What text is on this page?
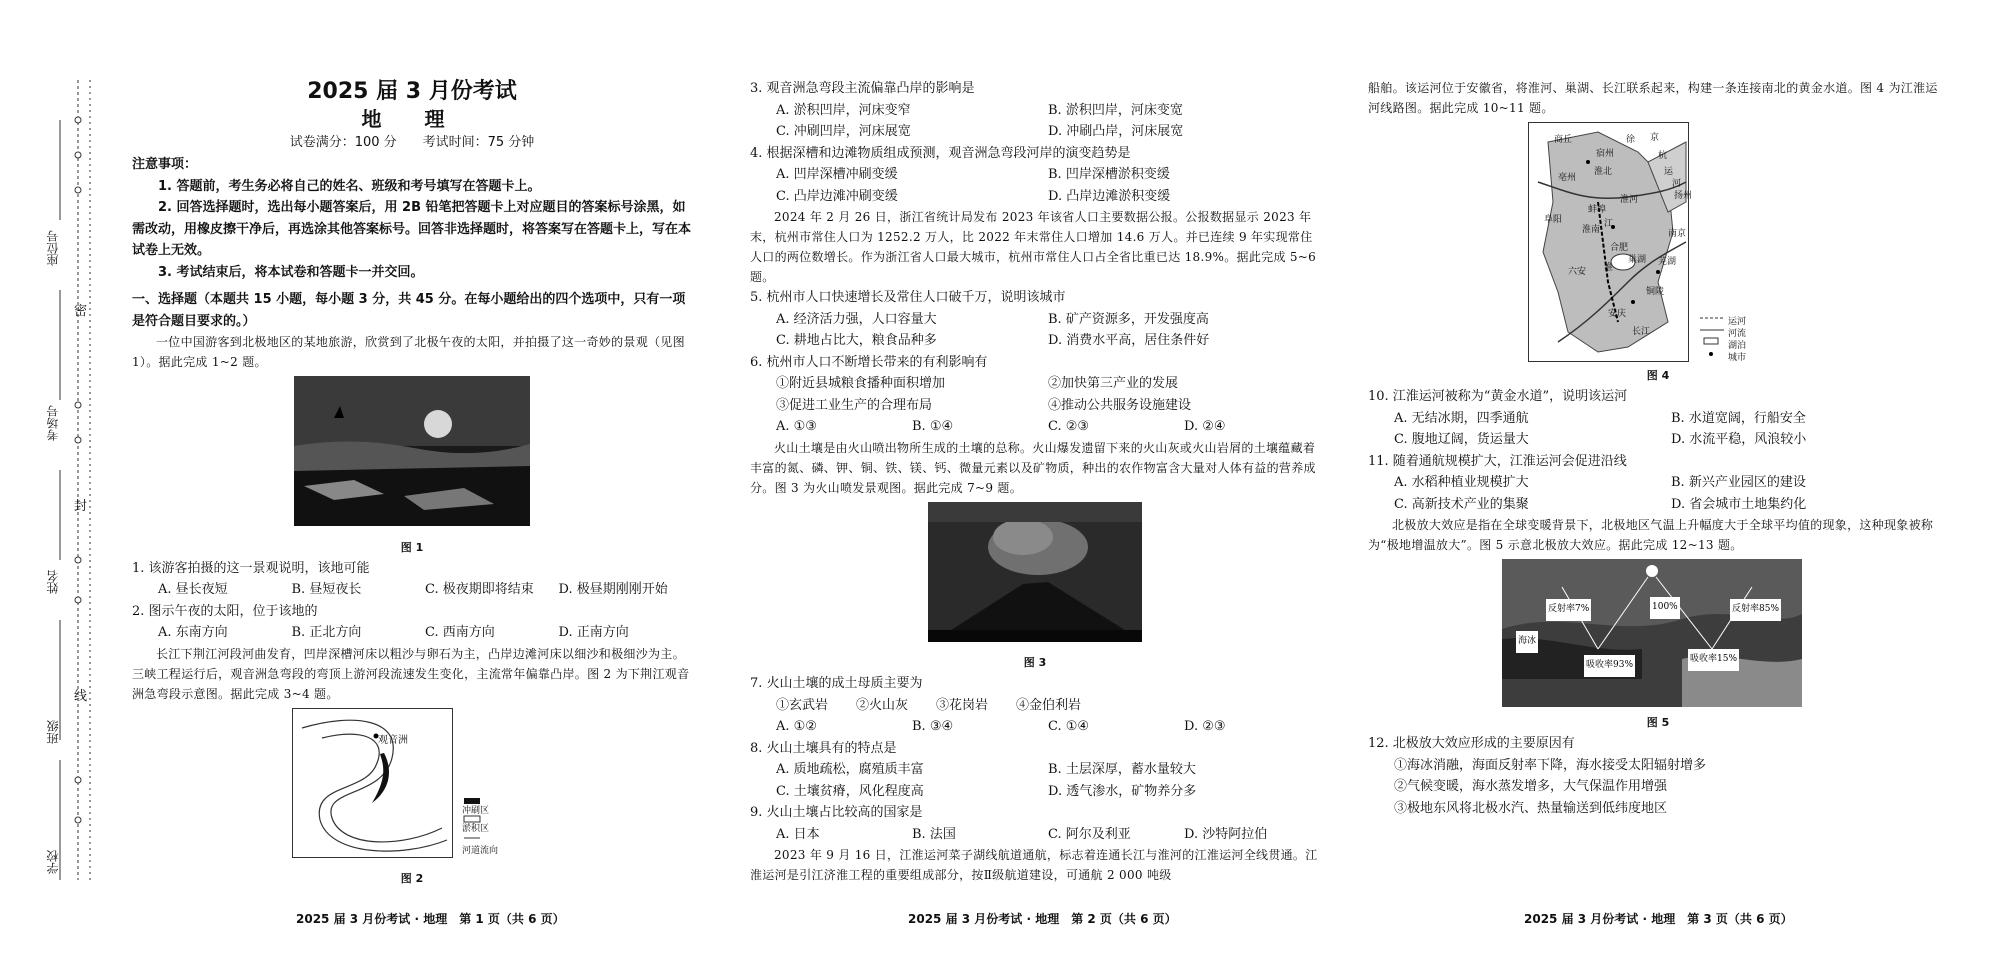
座位号
考场号
姓名
班级
学校
密
封
线
2025 届 3 月份考试
地 理
试卷满分：100 分　　考试时间：75 分钟
注意事项：
1. 答题前，考生务必将自己的姓名、班级和考号填写在答题卡上。
2. 回答选择题时，选出每小题答案后，用 2B 铅笔把答题卡上对应题目的答案标号涂黑，如需改动，用橡皮擦干净后，再选涂其他答案标号。回答非选择题时，将答案写在答题卡上，写在本试卷上无效。
3. 考试结束后，将本试卷和答题卡一并交回。
一、选择题（本题共 15 小题，每小题 3 分，共 45 分。在每小题给出的四个选项中，只有一项是符合题目要求的。）
一位中国游客到北极地区的某地旅游，欣赏到了北极午夜的太阳，并拍摄了这一奇妙的景观（见图 1）。据此完成 1~2 题。
图 1
1. 该游客拍摄的这一景观说明，该地可能
A. 昼长夜短	B. 昼短夜长	C. 极夜期即将结束	D. 极昼期刚刚开始
2. 图示午夜的太阳，位于该地的
A. 东南方向	B. 正北方向	C. 西南方向	D. 正南方向
长江下荆江河段河曲发育，凹岸深槽河床以粗沙与卵石为主，凸岸边滩河床以细沙和极细沙为主。三峡工程运行后，观音洲急弯段的弯顶上游河段流速发生变化，主流常年偏靠凸岸。图 2 为下荆江观音洲急弯段示意图。据此完成 3~4 题。
观音洲
冲刷区
淤积区
河道流向
图 2
2025 届 3 月份考试 · 地理　第 1 页（共 6 页）
3. 观音洲急弯段主流偏靠凸岸的影响是
A. 淤积凹岸，河床变窄	B. 淤积凹岸，河床变宽
C. 冲刷凹岸，河床展宽	D. 冲刷凸岸，河床展宽
4. 根据深槽和边滩物质组成预测，观音洲急弯段河岸的演变趋势是
A. 凹岸深槽冲刷变缓	B. 凹岸深槽淤积变缓
C. 凸岸边滩冲刷变缓	D. 凸岸边滩淤积变缓
2024 年 2 月 26 日，浙江省统计局发布 2023 年该省人口主要数据公报。公报数据显示 2023 年末，杭州市常住人口为 1252.2 万人，比 2022 年末常住人口增加 14.6 万人。并已连续 9 年实现常住人口的两位数增长。作为浙江省人口最大城市，杭州市常住人口占全省比重已达 18.9%。据此完成 5~6 题。
5. 杭州市人口快速增长及常住人口破千万，说明该城市
A. 经济活力强，人口容量大	B. 矿产资源多，开发强度高
C. 耕地占比大，粮食品种多	D. 消费水平高，居住条件好
6. 杭州市人口不断增长带来的有利影响有
①附近县城粮食播种面积增加	②加快第三产业的发展
③促进工业生产的合理布局	④推动公共服务设施建设
A. ①③	B. ①④	C. ②③	D. ②④
火山土壤是由火山喷出物所生成的土壤的总称。火山爆发遗留下来的火山灰或火山岩屑的土壤蕴藏着丰富的氮、磷、钾、铜、铁、镁、钙、微量元素以及矿物质，种出的农作物富含大量对人体有益的营养成分。图 3 为火山喷发景观图。据此完成 7~9 题。
图 3
7. 火山土壤的成土母质主要为
①玄武岩	②火山灰	③花岗岩	④金伯利岩
A. ①②	B. ③④	C. ①④	D. ②③
8. 火山土壤具有的特点是
A. 质地疏松，腐殖质丰富	B. 土层深厚，蓄水量较大
C. 土壤贫瘠，风化程度高	D. 透气渗水，矿物养分多
9. 火山土壤占比较高的国家是
A. 日本	B. 法国	C. 阿尔及利亚	D. 沙特阿拉伯
2023 年 9 月 16 日，江淮运河菜子湖线航道通航，标志着连通长江与淮河的江淮运河全线贯通。江淮运河是引江济淮工程的重要组成部分，按Ⅱ级航道建设，可通航 2 000 吨级
2025 届 3 月份考试 · 地理　第 2 页（共 6 页）
船舶。该运河位于安徽省，将淮河、巢湖、长江联系起来，构建一条连接南北的黄金水道。图 4 为江淮运河线路图。据此完成 10~11 题。
商丘
亳州
宿州
淮北
阜阳
蚌埠
淮南
合肥
六安
安庆
铜陵
芜湖
南京
扬州
徐 京
杭
运
河
江
淮
巢湖
淮河
长江
运河
河流
湖泊
城市
图 4
10. 江淮运河被称为“黄金水道”，说明该运河
A. 无结冰期，四季通航	B. 水道宽阔，行船安全
C. 腹地辽阔，货运量大	D. 水流平稳，风浪较小
11. 随着通航规模扩大，江淮运河会促进沿线
A. 水稻种植业规模扩大	B. 新兴产业园区的建设
C. 高新技术产业的集聚	D. 省会城市土地集约化
北极放大效应是指在全球变暖背景下，北极地区气温上升幅度大于全球平均值的现象，这种现象被称为“极地增温放大”。图 5 示意北极放大效应。据此完成 12~13 题。
反射率7%	100%	反射率85%
海冰
吸收率93%
吸收率15%
图 5
12. 北极放大效应形成的主要原因有
①海冰消融，海面反射率下降，海水接受太阳辐射增多
②气候变暖，海水蒸发增多，大气保温作用增强
③极地东风将北极水汽、热量输送到低纬度地区
2025 届 3 月份考试 · 地理　第 3 页（共 6 页）
